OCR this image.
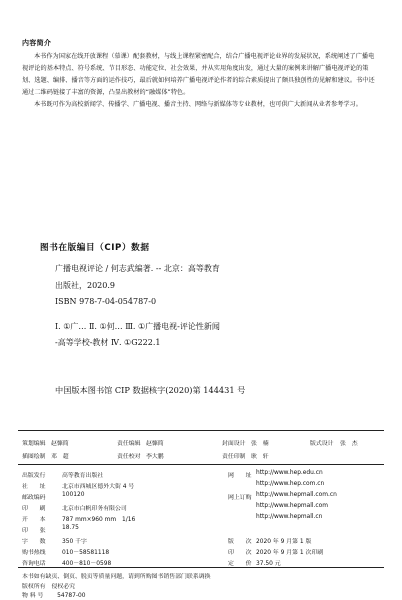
内容简介

本书作为国家在线开放课程（慕课）配套教材，与线上课程紧密配合，结合广播电视评论业界的发展状况，系统阐述了广播电视评论的基本特点、符号系统、节目形态、功能定位、社会效果，并从实用角度出发，通过大量的案例来讲解广播电视评论的策划、选题、编排、播音等方面的运作技巧，最后就如何培养广播电视评论作者的综合素质提出了颇具独创性的见解和建议。书中还通过二维码链接了丰富的资源，凸显出教材的“融媒体”特色。

本书既可作为高校新闻学、传播学、广播电视、播音主持、网络与新媒体等专业教材，也可供广大新闻从业者参考学习。

图书在版编目（CIP）数据
广播电视评论 / 何志武编著. -- 北京：高等教育
出版社，2020.9
ISBN 978-7-04-054787-0
Ⅰ. ①广… Ⅱ. ①何… Ⅲ. ①广播电视-评论性新闻
-高等学校-教材 Ⅳ. ①G222.1
中国版本图书馆 CIP 数据核字(2020)第 144431 号
策划编辑 赵慷简	责任编辑 赵慷简	封面设计 张　楠	版式设计 张　杰
插图绘制 邓　超	责任校对 李大鹏	责任印制 耿　轩
出版发行	高等教育出版社	网　　址 http://www.hep.edu.cn
社　　址	北京市西城区德外大街 4 号	http://www.hep.com.cn
邮政编码	100120	网上订购 http://www.hepmall.com.cn
印　　刷	北京市白帆印务有限公司	http://www.hepmall.com
开　　本	787 mm×960 mm　1/16	http://www.hepmall.cn
印　　张	18.75
字　　数	350 千字	版　　次 2020 年 9 月第 1 版
购书热线	010－58581118	印　　次 2020 年 9 月第 1 次印刷
咨询电话	400－810－0598	定　　价 37.50 元
本书如有缺页、倒页、脱页等质量问题，请到所购图书销售部门联系调换
版权所有　侵权必究
物 料 号 54787-00
